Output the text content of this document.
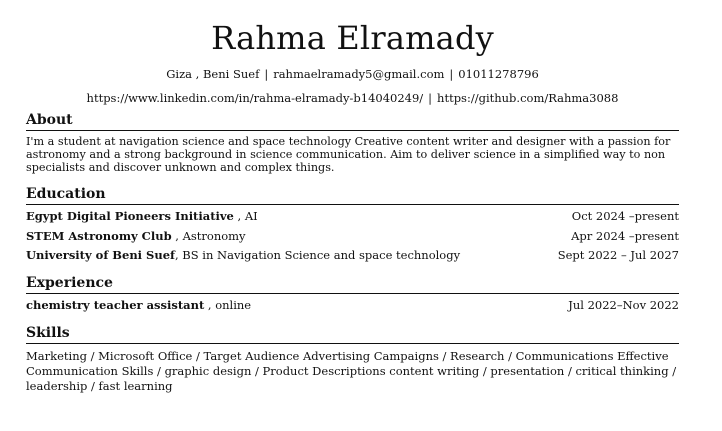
Rahma Elramady
Giza , Beni Suef | rahmaelramady5@gmail.com | 01011278796
https://www.linkedin.com/in/rahma-elramady-b14040249/ | https://github.com/Rahma3088
About
I'm a student at navigation science and space technology Creative content writer and designer with a passion for astronomy and a strong background in science communication. Aim to deliver science in a simplified way to non specialists and discover unknown and complex things.
Education
Egypt Digital Pioneers Initiative , AI	Oct 2024 –present
STEM Astronomy Club , Astronomy	Apr 2024 –present
University of Beni Suef, BS in Navigation Science and space technology	Sept 2022 – Jul 2027
Experience
chemistry teacher assistant , online	Jul 2022–Nov 2022
Skills
Marketing / Microsoft Office / Target Audience Advertising Campaigns / Research / Communications Effective Communication Skills / graphic design / Product Descriptions content writing / presentation / critical thinking / leadership / fast learning
